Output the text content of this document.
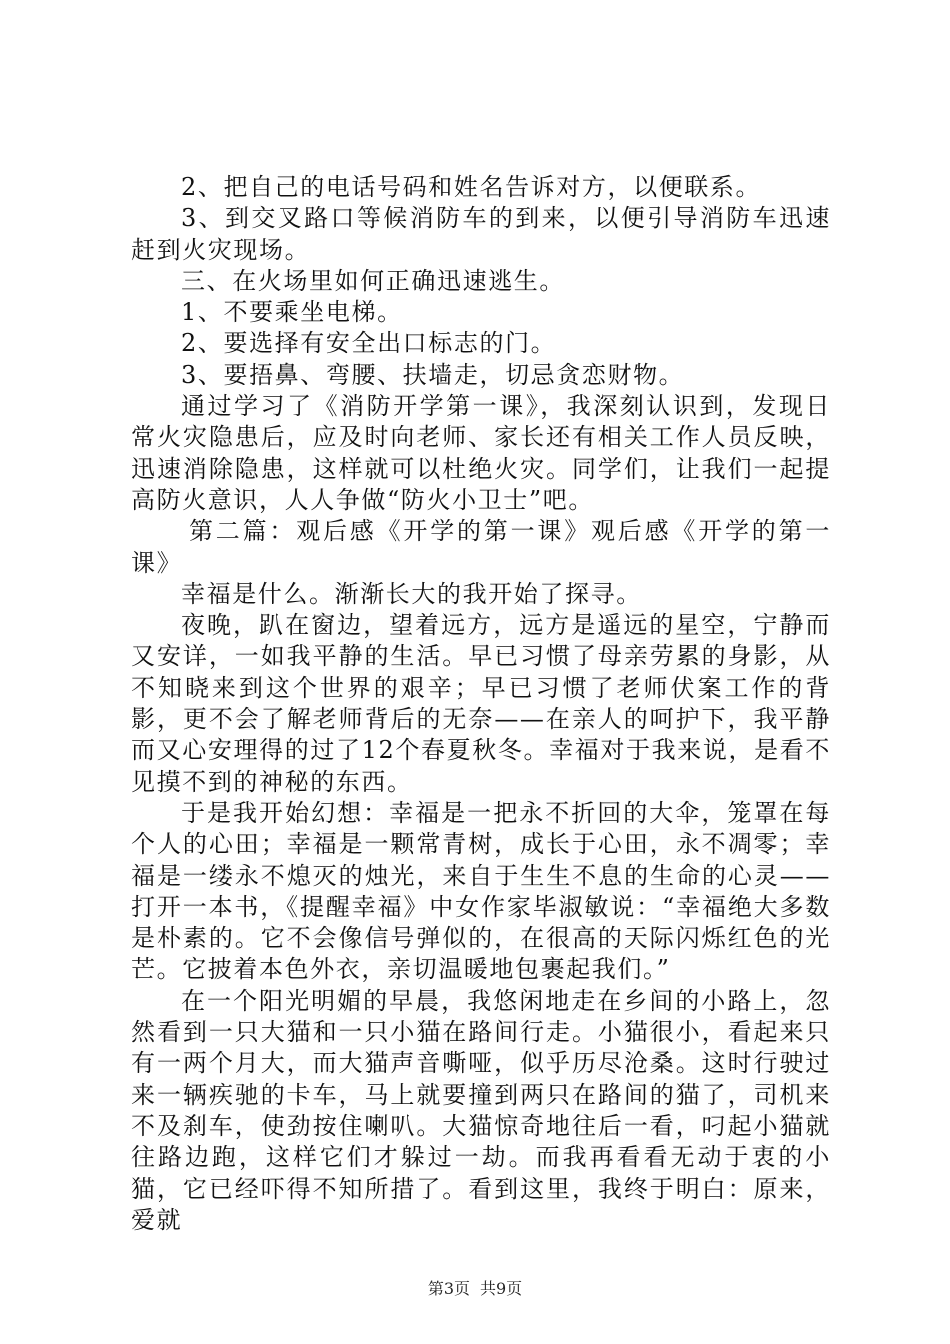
2、把自己的电话号码和姓名告诉对方，以便联系。

3、到交叉路口等候消防车的到来，以便引导消防车迅速赶到火灾现场。

三、在火场里如何正确迅速逃生。

1、不要乘坐电梯。

2、要选择有安全出口标志的门。

3、要捂鼻、弯腰、扶墙走，切忌贪恋财物。

通过学习了《消防开学第一课》，我深刻认识到，发现日常火灾隐患后，应及时向老师、家长还有相关工作人员反映，迅速消除隐患，这样就可以杜绝火灾。同学们，让我们一起提高防火意识，人人争做“防火小卫士”吧。

第二篇：观后感《开学的第一课》观后感《开学的第一课》

幸福是什么。渐渐长大的我开始了探寻。

夜晚，趴在窗边，望着远方，远方是遥远的星空，宁静而又安详，一如我平静的生活。早已习惯了母亲劳累的身影，从不知晓来到这个世界的艰辛；早已习惯了老师伏案工作的背影，更不会了解老师背后的无奈——在亲人的呵护下，我平静而又心安理得的过了12个春夏秋冬。幸福对于我来说，是看不见摸不到的神秘的东西。

于是我开始幻想：幸福是一把永不折回的大伞，笼罩在每个人的心田；幸福是一颗常青树，成长于心田，永不凋零；幸福是一缕永不熄灭的烛光，来自于生生不息的生命的心灵——打开一本书，《提醒幸福》中女作家毕淑敏说：“幸福绝大多数是朴素的。它不会像信号弹似的，在很高的天际闪烁红色的光芒。它披着本色外衣，亲切温暖地包裹起我们。”

在一个阳光明媚的早晨，我悠闲地走在乡间的小路上，忽然看到一只大猫和一只小猫在路间行走。小猫很小，看起来只有一两个月大，而大猫声音嘶哑，似乎历尽沧桑。这时行驶过来一辆疾驰的卡车，马上就要撞到两只在路间的猫了，司机来不及刹车，使劲按住喇叭。大猫惊奇地往后一看，叼起小猫就往路边跑，这样它们才躲过一劫。而我再看看无动于衷的小猫，它已经吓得不知所措了。看到这里，我终于明白：原来，爱就

第3页 共9页
